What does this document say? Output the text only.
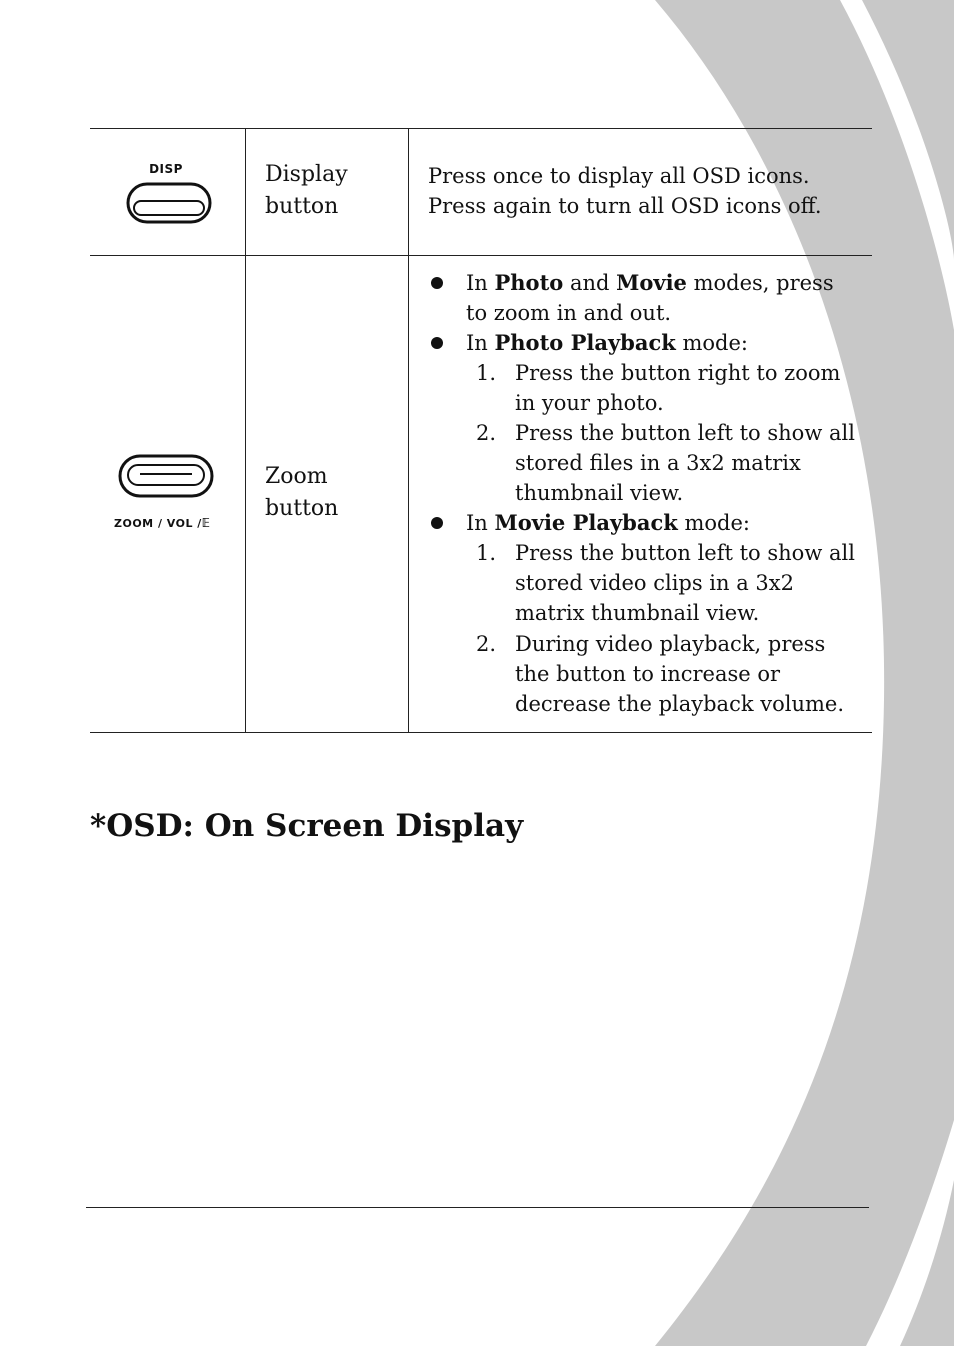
DISP	Display
button
Press once to display all OSD icons.
Press again to turn all OSD icons off.
ZOOM / VOL /𝔼
Zoom
button
In Photo and Movie modes, press
to zoom in and out.
In Photo Playback mode:
1. Press the button right to zoom
in your photo.
2. Press the button left to show all
stored files in a 3x2 matrix
thumbnail view.
In Movie Playback mode:
1. Press the button left to show all
stored video clips in a 3x2
matrix thumbnail view.
2. During video playback, press
the button to increase or
decrease the playback volume.
*OSD: On Screen Display
